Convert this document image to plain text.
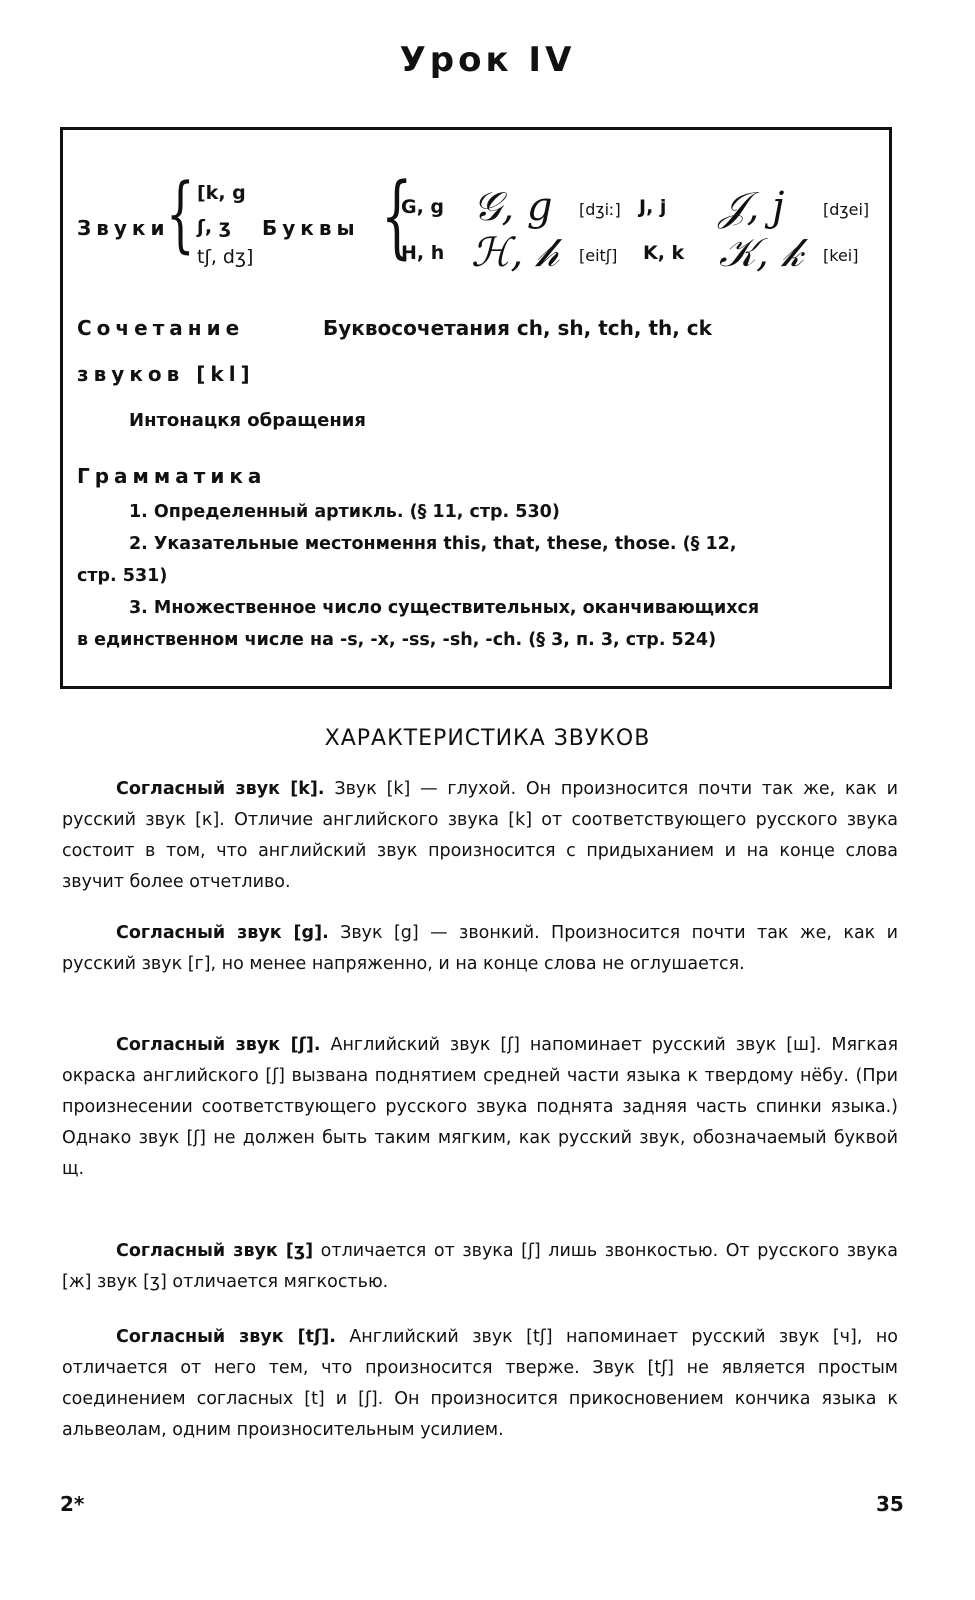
Урок IV
Звуки
{ [k, g
ʃ, ʒ
tʃ, dʒ]
Буквы {
G, g 𝒢, 𝑔 [dʒiː] J, j 𝒥, 𝑗 [dʒei]
H, h ℋ, 𝒽 [eitʃ] K, k 𝒦, 𝓀 [kei]
Сочетание
звуков [kl]
Буквосочетания ch, sh, tch, th, ck
Интонацкя обращения
Грамматика
1. Определенный артикль. (§ 11, стр. 530)
2. Указательные местонмення this, that, these, those. (§ 12,
стр. 531)
3. Множественное число существительных, оканчивающихся
в единственном числе на -s, -x, -ss, -sh, -ch. (§ 3, п. 3, стр. 524)
ХАРАКТЕРИСТИКА ЗВУКОВ

Согласный звук [k]. Звук [k] — глухой. Он произносится почти так же, как и русский звук [к]. Отличие английского звука [k] от соответствующего русского звука состоит в том, что английский звук произносится с придыханием и на конце слова звучит более отчетливо.

Согласный звук [g]. Звук [g] — звонкий. Произносится почти так же, как и русский звук [г], но менее напряженно, и на конце слова не оглушается.

Согласный звук [ʃ]. Английский звук [ʃ] напоминает русский звук [ш]. Мягкая окраска английского [ʃ] вызвана поднятием средней части языка к твердому нёбу. (При произнесении соответствующего русского звука поднята задняя часть спинки языка.) Однако звук [ʃ] не должен быть таким мягким, как русский звук, обозначаемый буквой щ.

Согласный звук [ʒ] отличается от звука [ʃ] лишь звонкостью. От русского звука [ж] звук [ʒ] отличается мягкостью.

Согласный звук [tʃ]. Английский звук [tʃ] напоминает русский звук [ч], но отличается от него тем, что произносится тверже. Звук [tʃ] не является простым соединением согласных [t] и [ʃ]. Он произносится прикосновением кончика языка к альвеолам, одним произносительным усилием.

2*	35
